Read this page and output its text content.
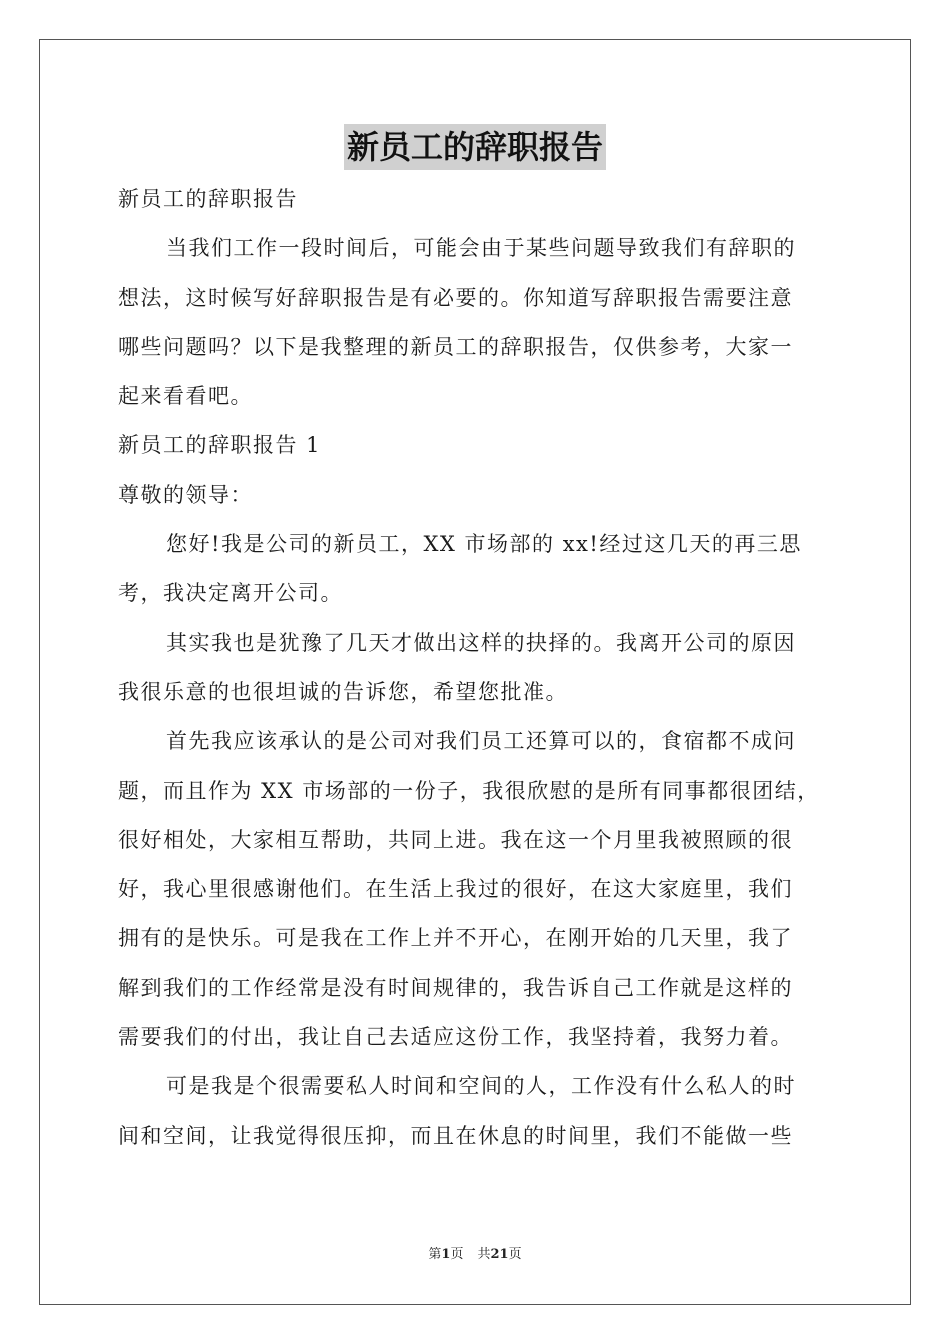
新员工的辞职报告
新员工的辞职报告
当我们工作一段时间后，可能会由于某些问题导致我们有辞职的
想法，这时候写好辞职报告是有必要的。你知道写辞职报告需要注意
哪些问题吗？以下是我整理的新员工的辞职报告，仅供参考，大家一
起来看看吧。
新员工的辞职报告 1
尊敬的领导：
您好!我是公司的新员工，XX 市场部的 xx!经过这几天的再三思
考，我决定离开公司。
其实我也是犹豫了几天才做出这样的抉择的。我离开公司的原因
我很乐意的也很坦诚的告诉您，希望您批准。
首先我应该承认的是公司对我们员工还算可以的，食宿都不成问
题，而且作为 XX 市场部的一份子，我很欣慰的是所有同事都很团结，
很好相处，大家相互帮助，共同上进。我在这一个月里我被照顾的很
好，我心里很感谢他们。在生活上我过的很好，在这大家庭里，我们
拥有的是快乐。可是我在工作上并不开心，在刚开始的几天里，我了
解到我们的工作经常是没有时间规律的，我告诉自己工作就是这样的
需要我们的付出，我让自己去适应这份工作，我坚持着，我努力着。
可是我是个很需要私人时间和空间的人，工作没有什么私人的时
间和空间，让我觉得很压抑，而且在休息的时间里，我们不能做一些
第1页 共21页
